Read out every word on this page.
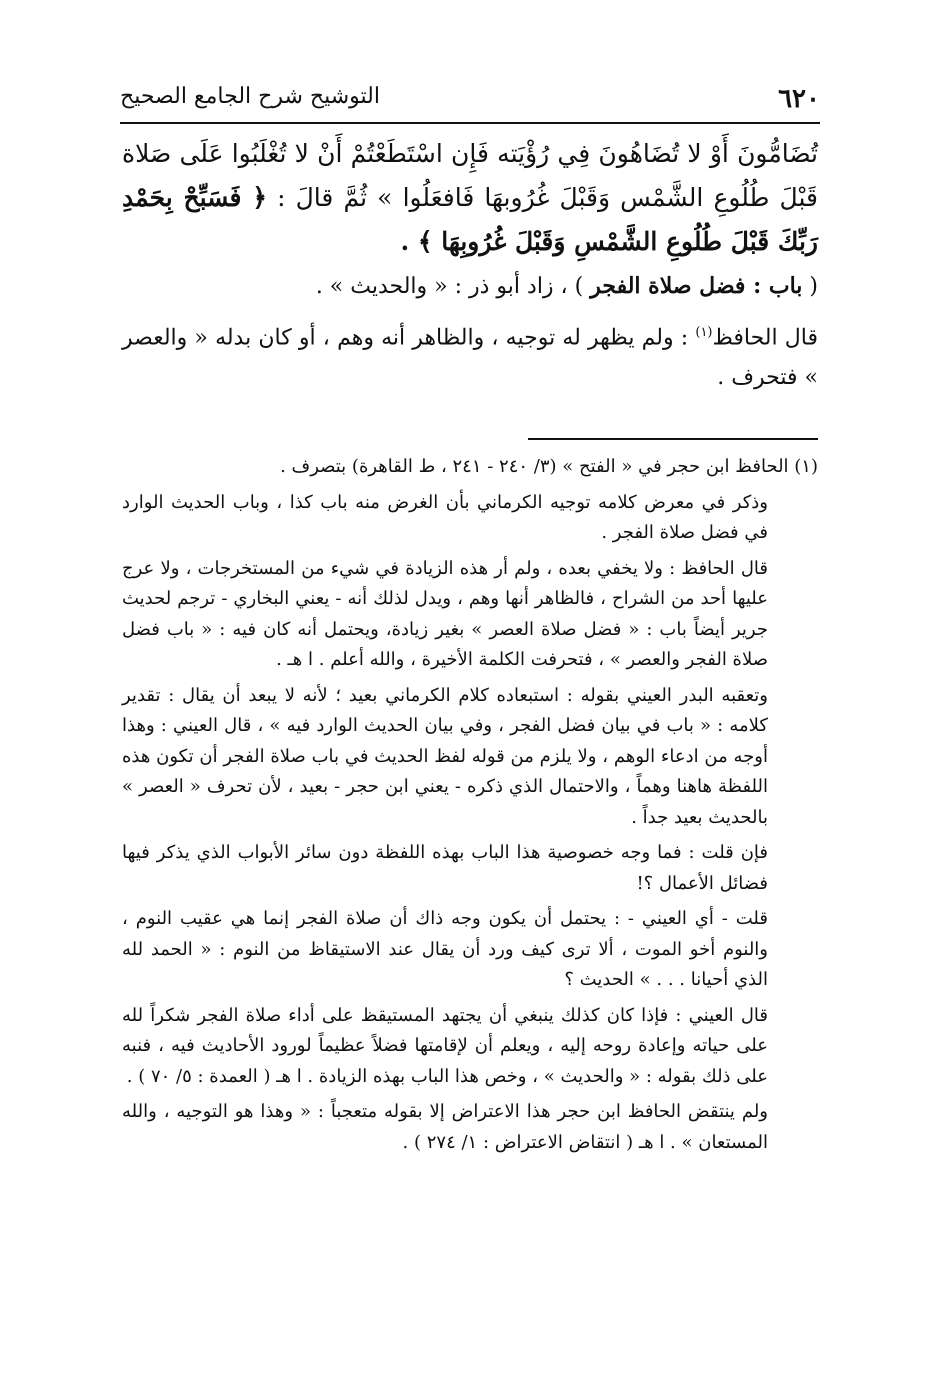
٦٢٠
التوشيح شرح الجامع الصحيح

تُضَامُّونَ أَوْ لا تُضَاهُونَ فِي رُؤْيَته فَإِن اسْتَطَعْتُمْ أَنْ لا تُغْلَبُوا عَلَى صَلاة قَبْلَ طُلُوعِ الشَّمْس وَقَبْلَ غُرُوبهَا فَافعَلُوا » ثُمَّ قالَ : ﴿ فَسَبِّحْ بِحَمْدِ رَبِّكَ قَبْلَ طُلُوعِ الشَّمْسِ وَقَبْلَ غُرُوبِهَا ﴾ .

( باب : فضل صلاة الفجر ) ، زاد أبو ذر : « والحديث » .

قال الحافظ$^{(١)}$ : ولم يظهر له توجيه ، والظاهر أنه وهم ، أو كان بدله « والعصر » فتحرف .

(١) الحافظ ابن حجر في « الفتح » (٣/ ٢٤٠ - ٢٤١ ، ط القاهرة) بتصرف .

وذكر في معرض كلامه توجيه الكرماني بأن الغرض منه باب كذا ، وباب الحديث الوارد في فضل صلاة الفجر .

قال الحافظ : ولا يخفي بعده ، ولم أر هذه الزيادة في شيء من المستخرجات ، ولا عرج عليها أحد من الشراح ، فالظاهر أنها وهم ، ويدل لذلك أنه - يعني البخاري - ترجم لحديث جرير أيضاً باب : « فضل صلاة العصر » بغير زيادة، ويحتمل أنه كان فيه : « باب فضل صلاة الفجر والعصر » ، فتحرفت الكلمة الأخيرة ، والله أعلم . ا هـ .

وتعقبه البدر العيني بقوله : استبعاده كلام الكرماني بعيد ؛ لأنه لا يبعد أن يقال : تقدير كلامه : « باب في بيان فضل الفجر ، وفي بيان الحديث الوارد فيه » ، قال العيني : وهذا أوجه من ادعاء الوهم ، ولا يلزم من قوله لفظ الحديث في باب صلاة الفجر أن تكون هذه اللفظة هاهنا وهماً ، والاحتمال الذي ذكره - يعني ابن حجر - بعيد ، لأن تحرف « العصر » بالحديث بعيد جداً .

فإن قلت : فما وجه خصوصية هذا الباب بهذه اللفظة دون سائر الأبواب الذي يذكر فيها فضائل الأعمال ؟!

قلت - أي العيني - : يحتمل أن يكون وجه ذاك أن صلاة الفجر إنما هي عقيب النوم ، والنوم أخو الموت ، ألا ترى كيف ورد أن يقال عند الاستيقاظ من النوم : « الحمد لله الذي أحيانا . . . » الحديث ؟

قال العيني : فإذا كان كذلك ينبغي أن يجتهد المستيقظ على أداء صلاة الفجر شكراً لله على حياته وإعادة روحه إليه ، ويعلم أن لإقامتها فضلاً عظيماً لورود الأحاديث فيه ، فنبه على ذلك بقوله : « والحديث » ، وخص هذا الباب بهذه الزيادة . ا هـ ( العمدة : ٥/ ٧٠ ) .

ولم ينتقض الحافظ ابن حجر هذا الاعتراض إلا بقوله متعجباً : « وهذا هو التوجيه ، والله المستعان » . ا هـ ( انتقاض الاعتراض : ١/ ٢٧٤ ) .
